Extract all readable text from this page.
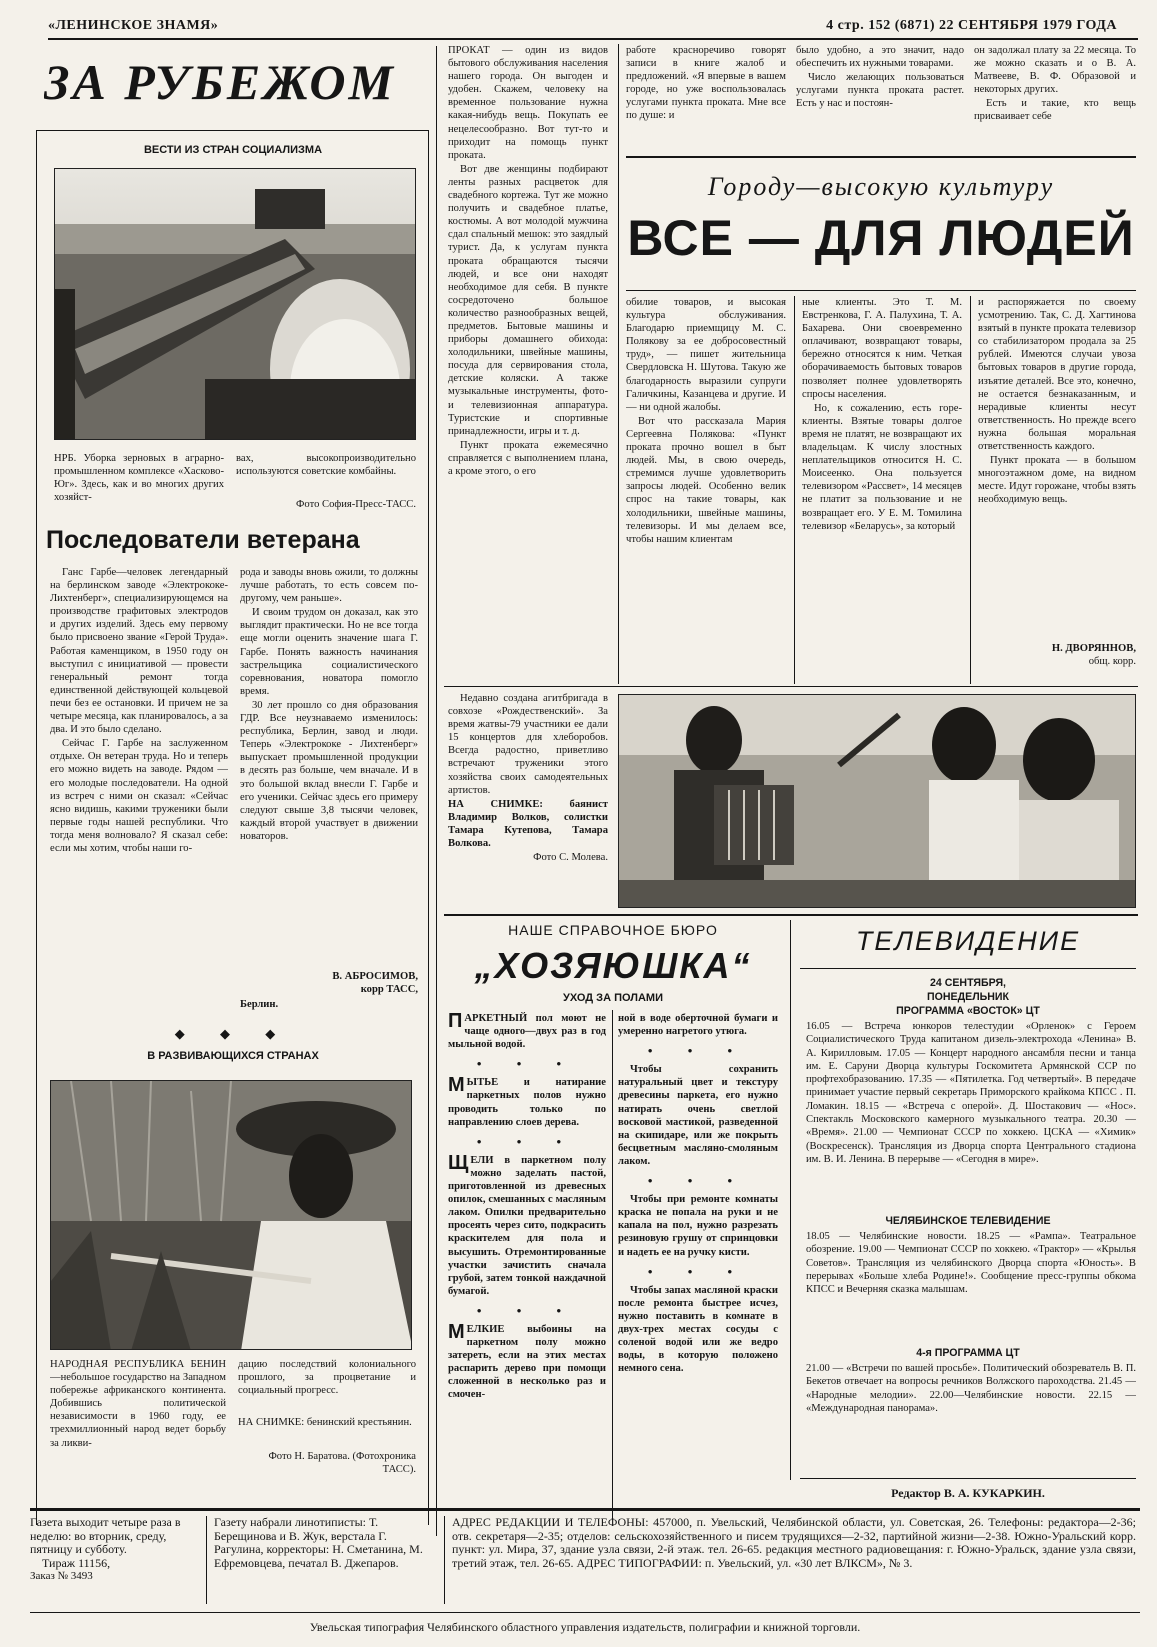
«ЛЕНИНСКОЕ ЗНАМЯ»	4 стр. 152 (6871) 22 СЕНТЯБРЯ 1979 ГОДА
ЗА РУБЕЖОМ
ВЕСТИ ИЗ СТРАН СОЦИАЛИЗМА
НРБ. Уборка зерновых в аграрно-промышленном комплексе «Хасково-Юг». Здесь, как и во многих других хозяйст-
вах, высокопроизводительно используются советские комбайны.
Фото София-Пресс-ТАСС.
Последователи ветерана

Ганс Гарбе—человек легендарный на берлинском заводе «Электрококе-Лихтенберг», специализирующемся на производстве графитовых электродов и других изделий. Здесь ему первому было присвоено звание «Герой Труда». Работая каменщиком, в 1950 году он выступил с инициативой — провести генеральный ремонт тогда единственной действующей кольцевой печи без ее остановки. И причем не за четыре месяца, как планировалось, а за два. И это было сделано.

Сейчас Г. Гарбе на заслуженном отдыхе. Он ветеран труда. Но и теперь его можно видеть на заводе. Рядом — его молодые последователи. На одной из встреч с ними он сказал: «Сейчас ясно видишь, какими труженики были первые годы нашей республики. Что тогда меня волновало? Я сказал себе: если мы хотим, чтобы наши го-

рода и заводы вновь ожили, то должны лучше работать, то есть совсем по-другому, чем раньше».

И своим трудом он доказал, как это выглядит практически. Но не все тогда еще могли оценить значение шага Г. Гарбе. Понять важность начинания застрельщика социалистического соревнования, новатора помогло время.

30 лет прошло со дня образования ГДР. Все неузнаваемо изменилось: республика, Берлин, завод и люди. Теперь «Электрококе - Лихтенберг» выпускает промышленной продукции в десять раз больше, чем вначале. И в это большой вклад внесли Г. Гарбе и его ученики. Сейчас здесь его примеру следуют свыше 3,8 тысячи человек, каждый второй участвует в движении новаторов.

В. АБРОСИМОВ,
корр ТАСС,
Берлин.
◆ ◆ ◆
В РАЗВИВАЮЩИХСЯ СТРАНАХ
НАРОДНАЯ РЕСПУБЛИКА БЕНИН —небольшое государство на Западном побережье африканского континента. Добившись политической независимости в 1960 году, ее трехмиллионный народ ведет борьбу за ликви-
дацию последствий колониального прошлого, за процветание и социальный прогресс.
НА СНИМКЕ: бенинский крестьянин.
Фото Н. Баратова. (Фотохроника ТАСС).

ПРОКАТ — один из видов бытового обслуживания населения нашего города. Он выгоден и удобен. Скажем, человеку на временное пользование нужна какая-нибудь вещь. Покупать ее нецелесообразно. Вот тут-то и приходит на помощь пункт проката.

Вот две женщины подбирают ленты разных расцветок для свадебного кортежа. Тут же можно получить и свадебное платье, костюмы. А вот молодой мужчина сдал спальный мешок: это заядлый турист. Да, к услугам пункта проката обращаются тысячи людей, и все они находят необходимое для себя. В пункте сосредоточено большое количество разнообразных вещей, предметов. Бытовые машины и приборы домашнего обихода: холодильники, швейные машины, посуда для сервирования стола, детские коляски. А также музыкальные инструменты, фото- и телевизионная аппаратура. Туристские и спортивные принадлежности, игры и т. д.

Пункт проката ежемесячно справляется с выполнением плана, а кроме этого, о его

работе красноречиво говорят записи в книге жалоб и предложений. «Я впервые в вашем городе, но уже воспользовалась услугами пункта проката. Мне все по душе: и

было удобно, а это значит, надо обеспечить их нужными товарами.

Число желающих пользоваться услугами пункта проката растет. Есть у нас и постоян-

он задолжал плату за 22 месяца. То же можно сказать и о В. А. Матвееве, В. Ф. Образовой и некоторых других.

Есть и такие, кто вещь присваивает себе

Городу—высокую культуру
ВСЕ — ДЛЯ ЛЮДЕЙ

обилие товаров, и высокая культура обслуживания. Благодарю приемщицу М. С. Полякову за ее добросовестный труд», — пишет жительница Свердловска Н. Шутова. Такую же благодарность выразили супруги Галичкины, Казанцева и другие. И — ни одной жалобы.

Вот что рассказала Мария Сергеевна Полякова: «Пункт проката прочно вошел в быт людей. Мы, в свою очередь, стремимся лучше удовлетворить запросы людей. Особенно велик спрос на такие товары, как холодильники, швейные машины, телевизоры. И мы делаем все, чтобы нашим клиентам

ные клиенты. Это Т. М. Евстренкова, Г. А. Палухина, Т. А. Бахарева. Они своевременно оплачивают, возвращают товары, бережно относятся к ним. Четкая оборачиваемость бытовых товаров позволяет полнее удовлетворять спросы населения.

Но, к сожалению, есть горе-клиенты. Взятые товары долгое время не платят, не возвращают их владельцам. К числу злостных неплательщиков относится Н. С. Моисеенко. Она пользуется телевизором «Рассвет», 14 месяцев не платит за пользование и не возвращает его. У Е. М. Томилина телевизор «Беларусь», за который

и распоряжается по своему усмотрению. Так, С. Д. Хагтинова взятый в пункте проката телевизор со стабилизатором продала за 25 рублей. Имеются случаи увоза бытовых товаров в другие города, изъятие деталей. Все это, конечно, не остается безнаказанным, и нерадивые клиенты несут ответственность. Но прежде всего нужна большая моральная ответственность каждого.

Пункт проката — в большом многоэтажном доме, на видном месте. Идут горожане, чтобы взять необходимую вещь.

Н. ДВОРЯННОВ,
общ. корр.

Недавно создана агитбригада в совхозе «Рождественский». За время жатвы-79 участники ее дали 15 концертов для хлеборобов. Всегда радостно, приветливо встречают труженики этого хозяйства своих самодеятельных артистов.

НА СНИМКЕ: баянист Владимир Волков, солистки Тамара Кутепова, Тамара Волкова.

Фото С. Молева.

НАШЕ СПРАВОЧНОЕ БЮРО
„ХОЗЯЮШКА“
УХОД ЗА ПОЛАМИ

ПАРКЕТНЫЙ пол моют не чаще одного—двух раз в год мыльной водой.

• • •

МЫТЬЕ и натирание паркетных полов нужно проводить только по направлению слоев дерева.

• • •

ЩЕЛИ в паркетном полу можно заделать пастой, приготовленной из древесных опилок, смешанных с масляным лаком. Опилки предварительно просеять через сито, подкрасить краскителем для пола и высушить. Отремонтированные участки зачистить сначала грубой, затем тонкой наждачной бумагой.

• • •

МЕЛКИЕ выбоины на паркетном полу можно затереть, если на этих местах распарить дерево при помощи сложенной в несколько раз и смочен-

ной в воде оберточной бумаги и умеренно нагретого утюга.

• • •

Чтобы сохранить натуральный цвет и текстуру древесины паркета, его нужно натирать очень светлой восковой мастикой, разведенной на скипидаре, или же покрыть бесцветным масляно-смоляным лаком.

• • •

Чтобы при ремонте комнаты краска не попала на руки и не капала на пол, нужно разрезать резиновую грушу от спринцовки и надеть ее на ручку кисти.

• • •

Чтобы запах масляной краски после ремонта быстрее исчез, нужно поставить в комнате в двух-трех местах сосуды с соленой водой или же ведро воды, в которую положено немного сена.

ТЕЛЕВИДЕНИЕ
24 СЕНТЯБРЯ,
ПОНЕДЕЛЬНИК
ПРОГРАММА «ВОСТОК» ЦТ
16.05 — Встреча юнкоров телестудии «Орленок» с Героем Социалистического Труда капитаном дизель-электрохода «Ленина» В. А. Кирилловым. 17.05 — Концерт народного ансамбля песни и танца им. Е. Саруни Дворца культуры Госкомитета Армянской ССР по профтехобразованию. 17.35 — «Пятилетка. Год четвертый». В передаче принимает участие первый секретарь Приморского крайкома КПСС . П. Ломакин. 18.15 — «Встреча с оперой». Д. Шостакович — «Нос». Спектакль Московского камерного музыкального театра. 20.30 — «Время». 21.00 — Чемпионат СССР по хоккею. ЦСКА — «Химик» (Воскресенск). Трансляция из Дворца спорта Центрального стадиона им. В. И. Ленина. В перерыве — «Сегодня в мире».
ЧЕЛЯБИНСКОЕ ТЕЛЕВИДЕНИЕ
18.05 — Челябинские новости. 18.25 — «Рампа». Театральное обозрение. 19.00 — Чемпионат СССР по хоккею. «Трактор» — «Крылья Советов». Трансляция из челябинского Дворца спорта «Юность». В перерывах «Больше хлеба Родине!». Сообщение пресс-группы обкома КПСС и Вечерняя сказка малышам.
4-я ПРОГРАММА ЦТ
21.00 — «Встречи по вашей просьбе». Политический обозреватель В. П. Бекетов отвечает на вопросы речников Волжского пароходства. 21.45 — «Народные мелодии». 22.00—Челябинские новости. 22.15 — «Международная панорама».
Редактор В. А. КУКАРКИН.
Газета выходит четыре раза в неделю: во вторник, среду, пятницу и субботу.
Тираж 11156,
Заказ № 3493
Газету набрали линотиписты: Т. Берещинова и В. Жук, верстала Г. Рагулина, корректоры: Н. Сметанина, М. Ефремовцева, печатал В. Джепаров.
АДРЕС РЕДАКЦИИ И ТЕЛЕФОНЫ: 457000, п. Увельский, Челябинской области, ул. Советская, 26. Телефоны: редактора—2-36; отв. секретаря—2-35; отделов: сельскохозяйственного и писем трудящихся—2-32, партийной жизни—2-38. Южно-Уральский корр. пункт: ул. Мира, 37, здание узла связи, 2-й этаж. тел. 26-65. редакция местного радиовещания: г. Южно-Уральск, здание узла связи, третий этаж, тел. 26-65. АДРЕС ТИПОГРАФИИ: п. Увельский, ул. «30 лет ВЛКСМ», № 3.
Увельская типография Челябинского областного управления издательств, полиграфии и книжной торговли.
